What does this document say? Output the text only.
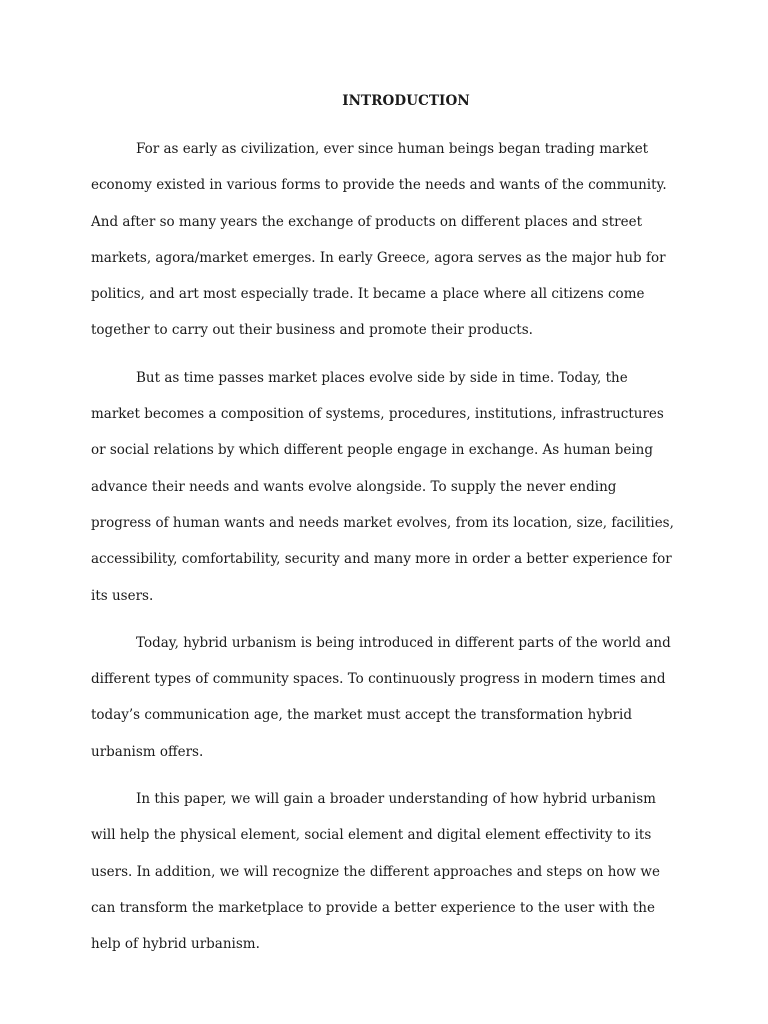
INTRODUCTION

For as early as civilization, ever since human beings began trading market economy existed in various forms to provide the needs and wants of the community. And after so many years the exchange of products on different places and street markets, agora/market emerges. In early Greece, agora serves as the major hub for politics, and art most especially trade. It became a place where all citizens come together to carry out their business and promote their products.

But as time passes market places evolve side by side in time. Today, the market becomes a composition of systems, procedures, institutions, infrastructures or social relations by which different people engage in exchange. As human being advance their needs and wants evolve alongside. To supply the never ending progress of human wants and needs market evolves, from its location, size, facilities, accessibility, comfortability, security and many more in order a better experience for its users.

Today, hybrid urbanism is being introduced in different parts of the world and different types of community spaces. To continuously progress in modern times and today’s communication age, the market must accept the transformation hybrid urbanism offers.

In this paper, we will gain a broader understanding of how hybrid urbanism will help the physical element, social element and digital element effectivity to its users. In addition, we will recognize the different approaches and steps on how we can transform the marketplace to provide a better experience to the user with the help of hybrid urbanism.
